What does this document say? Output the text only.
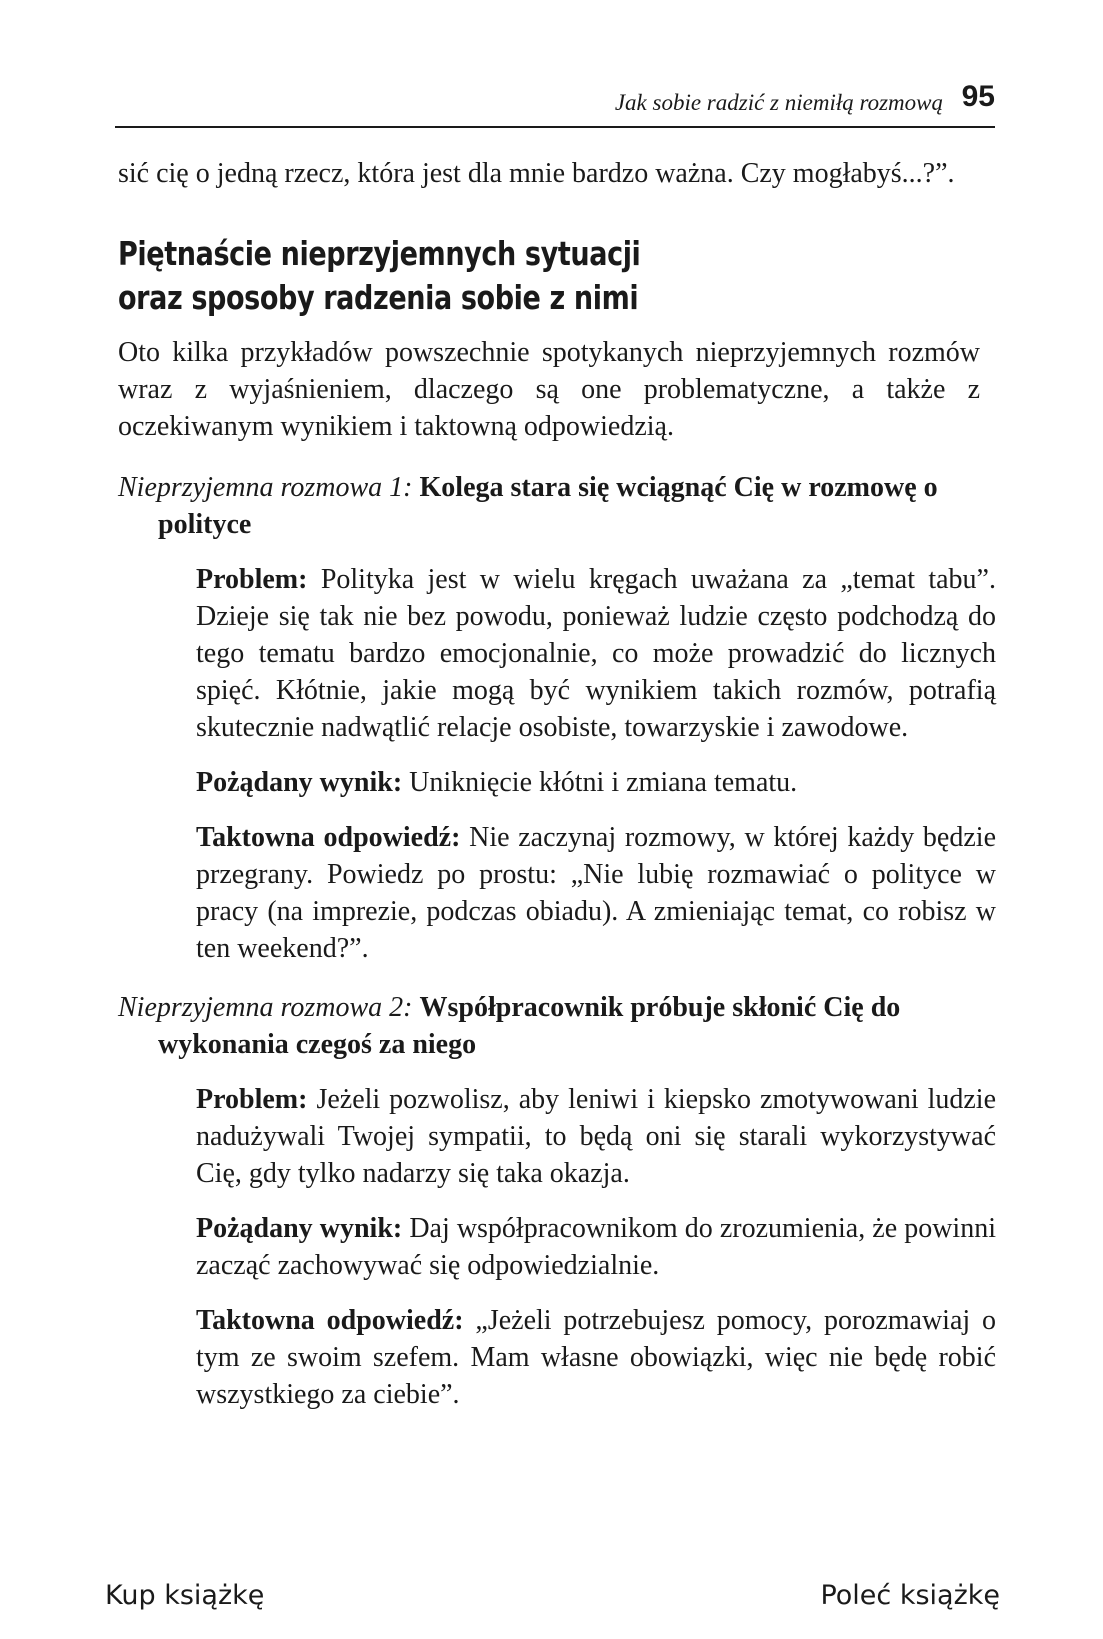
Jak sobie radzić z niemiłą rozmową 95

sić cię o jedną rzecz, która jest dla mnie bardzo ważna. Czy mogłabyś...?”.

Piętnaście nieprzyjemnych sytuacji
oraz sposoby radzenia sobie z nimi

Oto kilka przykładów powszechnie spotykanych nieprzyjemnych rozmów wraz z wyjaśnieniem, dlaczego są one problematyczne, a także z oczekiwanym wynikiem i taktowną odpowiedzią.

Nieprzyjemna rozmowa 1: Kolega stara się wciągnąć Cię w rozmowę o polityce

Problem: Polityka jest w wielu kręgach uważana za „temat tabu”. Dzieje się tak nie bez powodu, ponieważ ludzie często podchodzą do tego tematu bardzo emocjonalnie, co może prowadzić do licznych spięć. Kłótnie, jakie mogą być wynikiem takich rozmów, potrafią skutecznie nadwątlić relacje osobiste, towarzyskie i zawodowe.

Pożądany wynik: Uniknięcie kłótni i zmiana tematu.

Taktowna odpowiedź: Nie zaczynaj rozmowy, w której każdy będzie przegrany. Powiedz po prostu: „Nie lubię rozmawiać o polityce w pracy (na imprezie, podczas obiadu). A zmieniając temat, co robisz w ten weekend?”.

Nieprzyjemna rozmowa 2: Współpracownik próbuje skłonić Cię do wykonania czegoś za niego

Problem: Jeżeli pozwolisz, aby leniwi i kiepsko zmotywowani ludzie nadużywali Twojej sympatii, to będą oni się starali wykorzystywać Cię, gdy tylko nadarzy się taka okazja.

Pożądany wynik: Daj współpracownikom do zrozumienia, że powinni zacząć zachowywać się odpowiedzialnie.

Taktowna odpowiedź: „Jeżeli potrzebujesz pomocy, porozmawiaj o tym ze swoim szefem. Mam własne obowiązki, więc nie będę robić wszystkiego za ciebie”.

Kup książkę	Poleć książkę
